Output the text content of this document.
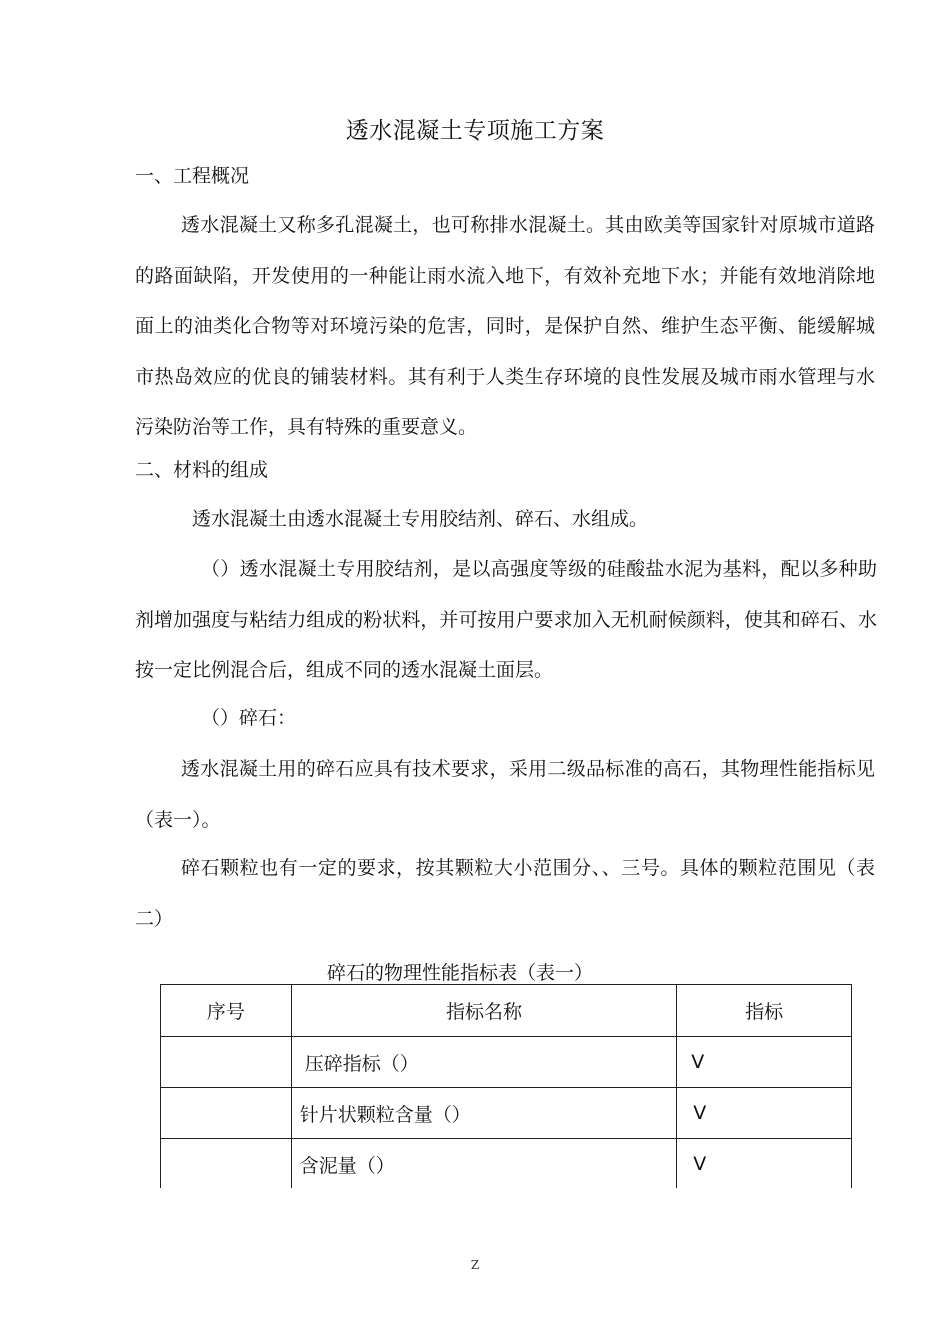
透水混凝土专项施工方案
一、工程概况

透水混凝土又称多孔混凝土，也可称排水混凝土。其由欧美等国家针对原城市道路的路面缺陷，开发使用的一种能让雨水流入地下，有效补充地下水；并能有效地消除地面上的油类化合物等对环境污染的危害，同时，是保护自然、维护生态平衡、能缓解城市热岛效应的优良的铺装材料。其有利于人类生存环境的良性发展及城市雨水管理与水污染防治等工作，具有特殊的重要意义。

二、材料的组成

透水混凝土由透水混凝土专用胶结剂、碎石、水组成。

（）透水混凝土专用胶结剂，是以高强度等级的硅酸盐水泥为基料，配以多种助剂增加强度与粘结力组成的粉状料，并可按用户要求加入无机耐候颜料，使其和碎石、水按一定比例混合后，组成不同的透水混凝土面层。

（）碎石：

透水混凝土用的碎石应具有技术要求，采用二级品标准的高石，其物理性能指标见（表一）。

碎石颗粒也有一定的要求，按其颗粒大小范围分、、三号。具体的颗粒范围见（表二）

碎石的物理性能指标表（表一）
序号	指标名称	指标
	压碎指标（）	V
	针片状颗粒含量（）	V
	含泥量（）	V
Z
